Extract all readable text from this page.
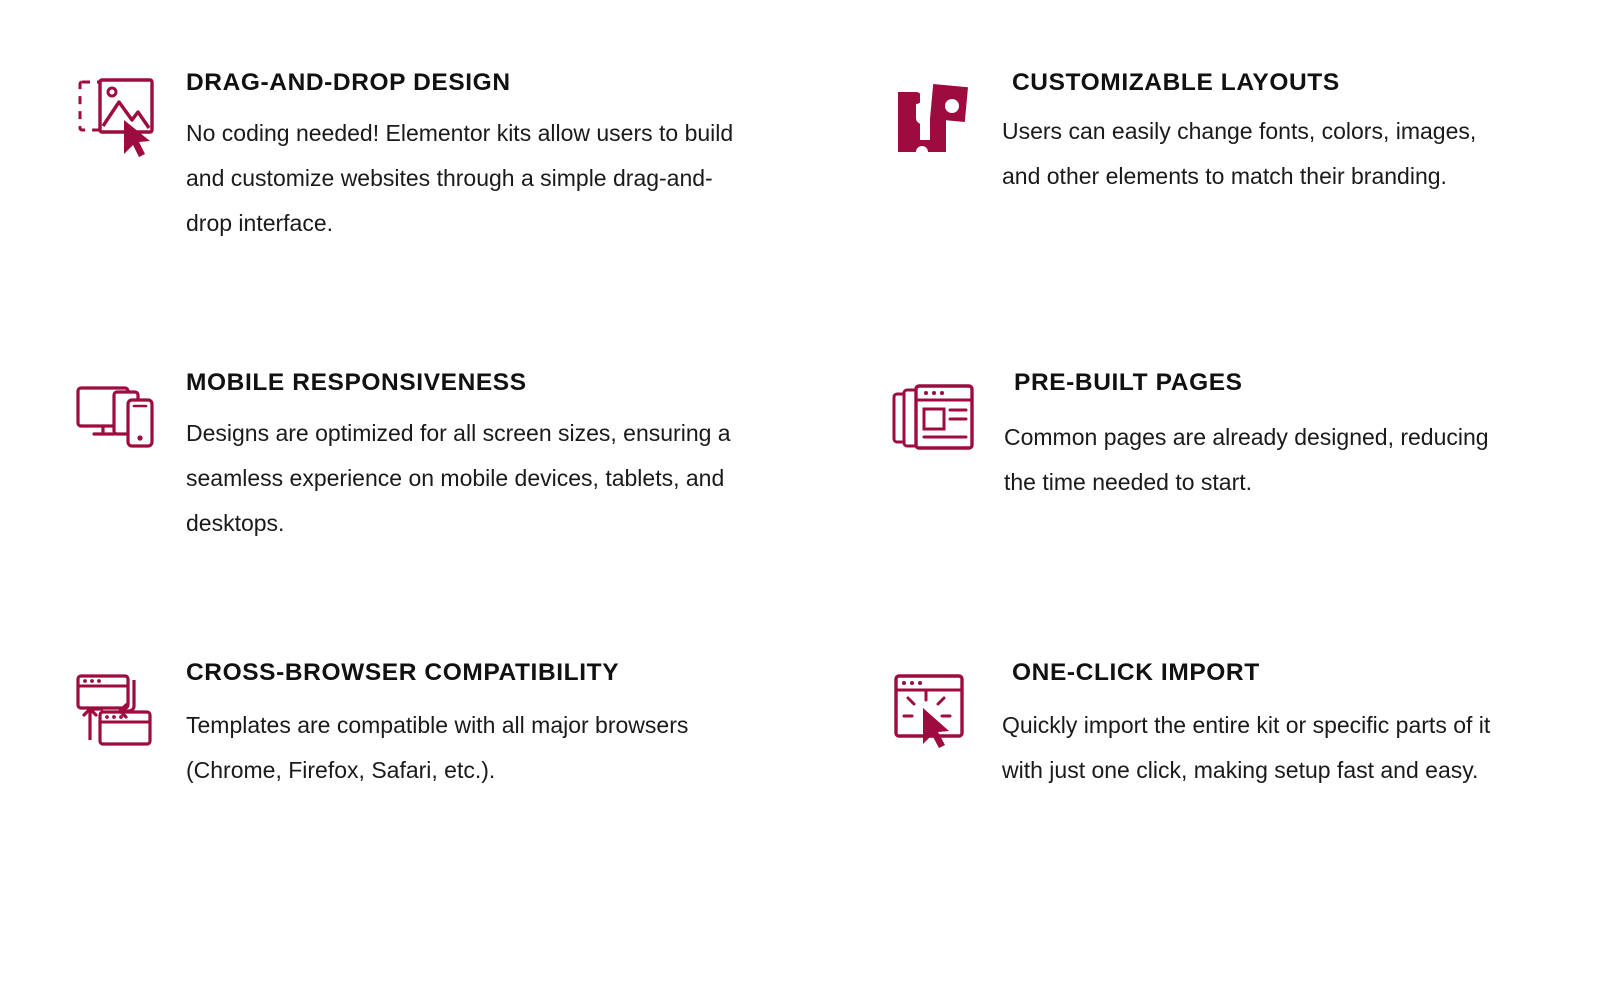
DRAG-AND-DROP DESIGN

No coding needed! Elementor kits allow users to build and customize websites through a simple drag-and-drop interface.

CUSTOMIZABLE LAYOUTS

Users can easily change fonts, colors, images, and other elements to match their branding.

MOBILE RESPONSIVENESS

Designs are optimized for all screen sizes, ensuring a seamless experience on mobile devices, tablets, and desktops.

PRE-BUILT PAGES

Common pages are already designed, reducing the time needed to start.

CROSS-BROWSER COMPATIBILITY

Templates are compatible with all major browsers (Chrome, Firefox, Safari, etc.).

ONE-CLICK IMPORT

Quickly import the entire kit or specific parts of it with just one click, making setup fast and easy.
